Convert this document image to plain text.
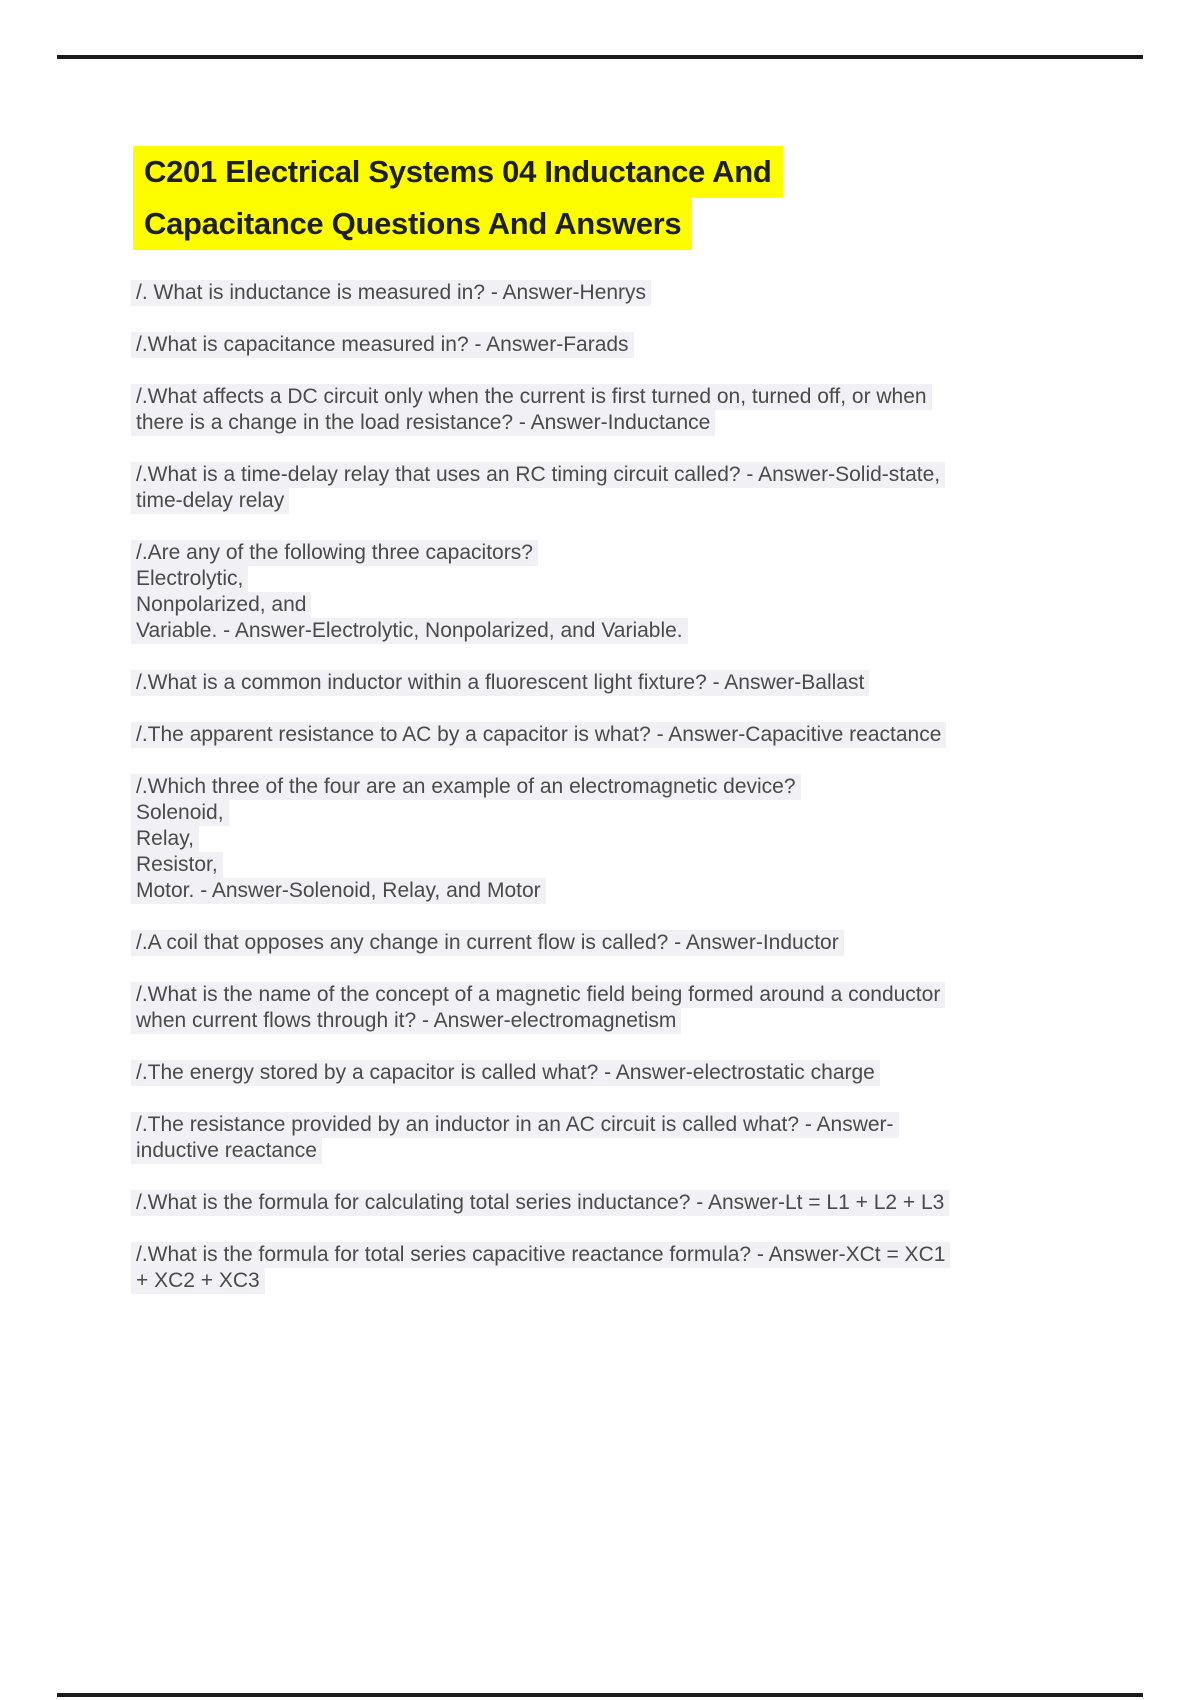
C201 Electrical Systems 04 Inductance And
Capacitance Questions And Answers
/. What is inductance is measured in? - Answer-Henrys
/.What is capacitance measured in? - Answer-Farads
/.What affects a DC circuit only when the current is first turned on, turned off, or when
there is a change in the load resistance? - Answer-Inductance
/.What is a time-delay relay that uses an RC timing circuit called? - Answer-Solid-state,
time-delay relay
/.Are any of the following three capacitors?
Electrolytic,
Nonpolarized, and
Variable. - Answer-Electrolytic, Nonpolarized, and Variable.
/.What is a common inductor within a fluorescent light fixture? - Answer-Ballast
/.The apparent resistance to AC by a capacitor is what? - Answer-Capacitive reactance
/.Which three of the four are an example of an electromagnetic device?
Solenoid,
Relay,
Resistor,
Motor. - Answer-Solenoid, Relay, and Motor
/.A coil that opposes any change in current flow is called? - Answer-Inductor
/.What is the name of the concept of a magnetic field being formed around a conductor
when current flows through it? - Answer-electromagnetism
/.The energy stored by a capacitor is called what? - Answer-electrostatic charge
/.The resistance provided by an inductor in an AC circuit is called what? - Answer-
inductive reactance
/.What is the formula for calculating total series inductance? - Answer-Lt = L1 + L2 + L3
/.What is the formula for total series capacitive reactance formula? - Answer-XCt = XC1
+ XC2 + XC3
